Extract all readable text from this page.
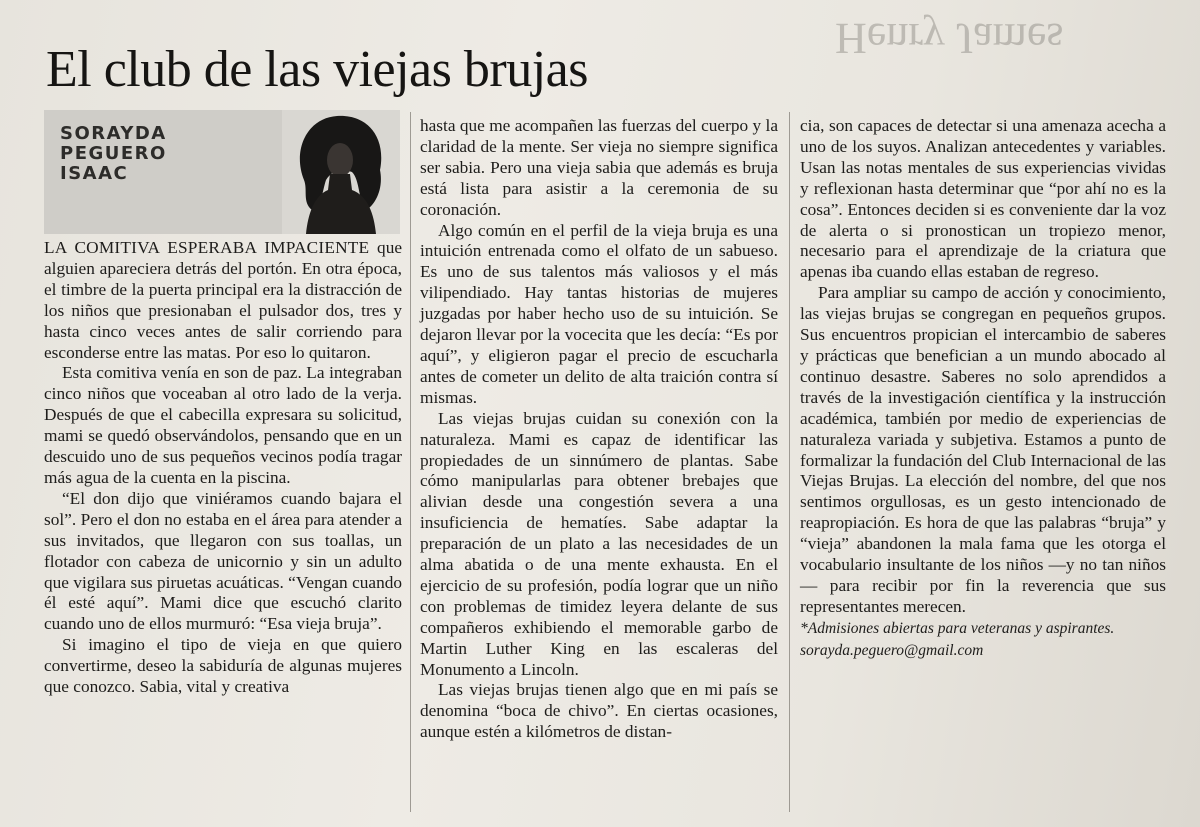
Henry James
El club de las viejas brujas
SORAYDA
PEGUERO
ISAAC

LA COMITIVA ESPERABA IMPACIENTE que alguien apareciera detrás del portón. En otra época, el timbre de la puerta principal era la distracción de los niños que presionaban el pulsador dos, tres y hasta cinco veces antes de salir corriendo para esconderse entre las matas. Por eso lo quitaron.

Esta comitiva venía en son de paz. La integraban cinco niños que voceaban al otro lado de la verja. Después de que el cabecilla expresara su solicitud, mami se quedó observándolos, pensando que en un descuido uno de sus pequeños vecinos podía tragar más agua de la cuenta en la piscina.

“El don dijo que viniéramos cuando bajara el sol”. Pero el don no estaba en el área para atender a sus invitados, que llegaron con sus toallas, un flotador con cabeza de unicornio y sin un adulto que vigilara sus piruetas acuáticas. “Vengan cuando él esté aquí”. Mami dice que escuchó clarito cuando uno de ellos murmuró: “Esa vieja bruja”.

Si imagino el tipo de vieja en que quiero convertirme, deseo la sabiduría de algunas mujeres que conozco. Sabia, vital y creativa

hasta que me acompañen las fuerzas del cuerpo y la claridad de la mente. Ser vieja no siempre significa ser sabia. Pero una vieja sabia que además es bruja está lista para asistir a la ceremonia de su coronación.

Algo común en el perfil de la vieja bruja es una intuición entrenada como el olfato de un sabueso. Es uno de sus talentos más valiosos y el más vilipendiado. Hay tantas historias de mujeres juzgadas por haber hecho uso de su intuición. Se dejaron llevar por la vocecita que les decía: “Es por aquí”, y eligieron pagar el precio de escucharla antes de cometer un delito de alta traición contra sí mismas.

Las viejas brujas cuidan su conexión con la naturaleza. Mami es capaz de identificar las propiedades de un sinnúmero de plantas. Sabe cómo manipularlas para obtener brebajes que alivian desde una congestión severa a una insuficiencia de hematíes. Sabe adaptar la preparación de un plato a las necesidades de un alma abatida o de una mente exhausta. En el ejercicio de su profesión, podía lograr que un niño con problemas de timidez leyera delante de sus compañeros exhibiendo el memorable garbo de Martin Luther King en las escaleras del Monumento a Lincoln.

Las viejas brujas tienen algo que en mi país se denomina “boca de chivo”. En ciertas ocasiones, aunque estén a kilómetros de distan-

cia, son capaces de detectar si una amenaza acecha a uno de los suyos. Analizan antecedentes y variables. Usan las notas mentales de sus experiencias vividas y reflexionan hasta determinar que “por ahí no es la cosa”. Entonces deciden si es conveniente dar la voz de alerta o si pronostican un tropiezo menor, necesario para el aprendizaje de la criatura que apenas iba cuando ellas estaban de regreso.

Para ampliar su campo de acción y conocimiento, las viejas brujas se congregan en pequeños grupos. Sus encuentros propician el intercambio de saberes y prácticas que benefician a un mundo abocado al continuo desastre. Saberes no solo aprendidos a través de la investigación científica y la instrucción académica, también por medio de experiencias de naturaleza variada y subjetiva. Estamos a punto de formalizar la fundación del Club Internacional de las Viejas Brujas. La elección del nombre, del que nos sentimos orgullosas, es un gesto intencionado de reapropiación. Es hora de que las palabras “bruja” y “vieja” abandonen la mala fama que les otorga el vocabulario insultante de los niños —y no tan niños— para recibir por fin la reverencia que sus representantes merecen.

*Admisiones abiertas para veteranas y aspirantes.

sorayda.peguero@gmail.com
